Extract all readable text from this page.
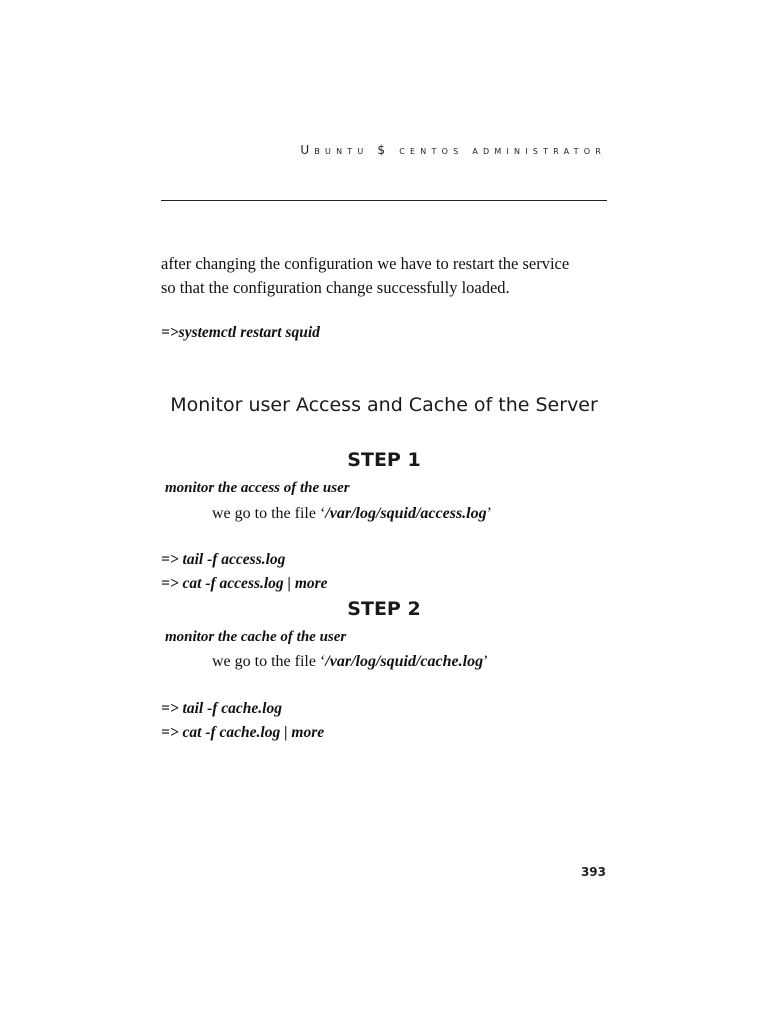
Ubuntu $ centos administrator
after changing the configuration we have to restart the service
so that the configuration change successfully loaded.
=>systemctl restart squid
Monitor user Access and Cache of the Server
STEP 1
monitor the access of the user
we go to the file ‘/var/log/squid/access.log’
=> tail -f access.log
=> cat -f access.log | more
STEP 2
monitor the cache of the user
we go to the file ‘/var/log/squid/cache.log’
=> tail -f cache.log
=> cat -f cache.log | more
393
